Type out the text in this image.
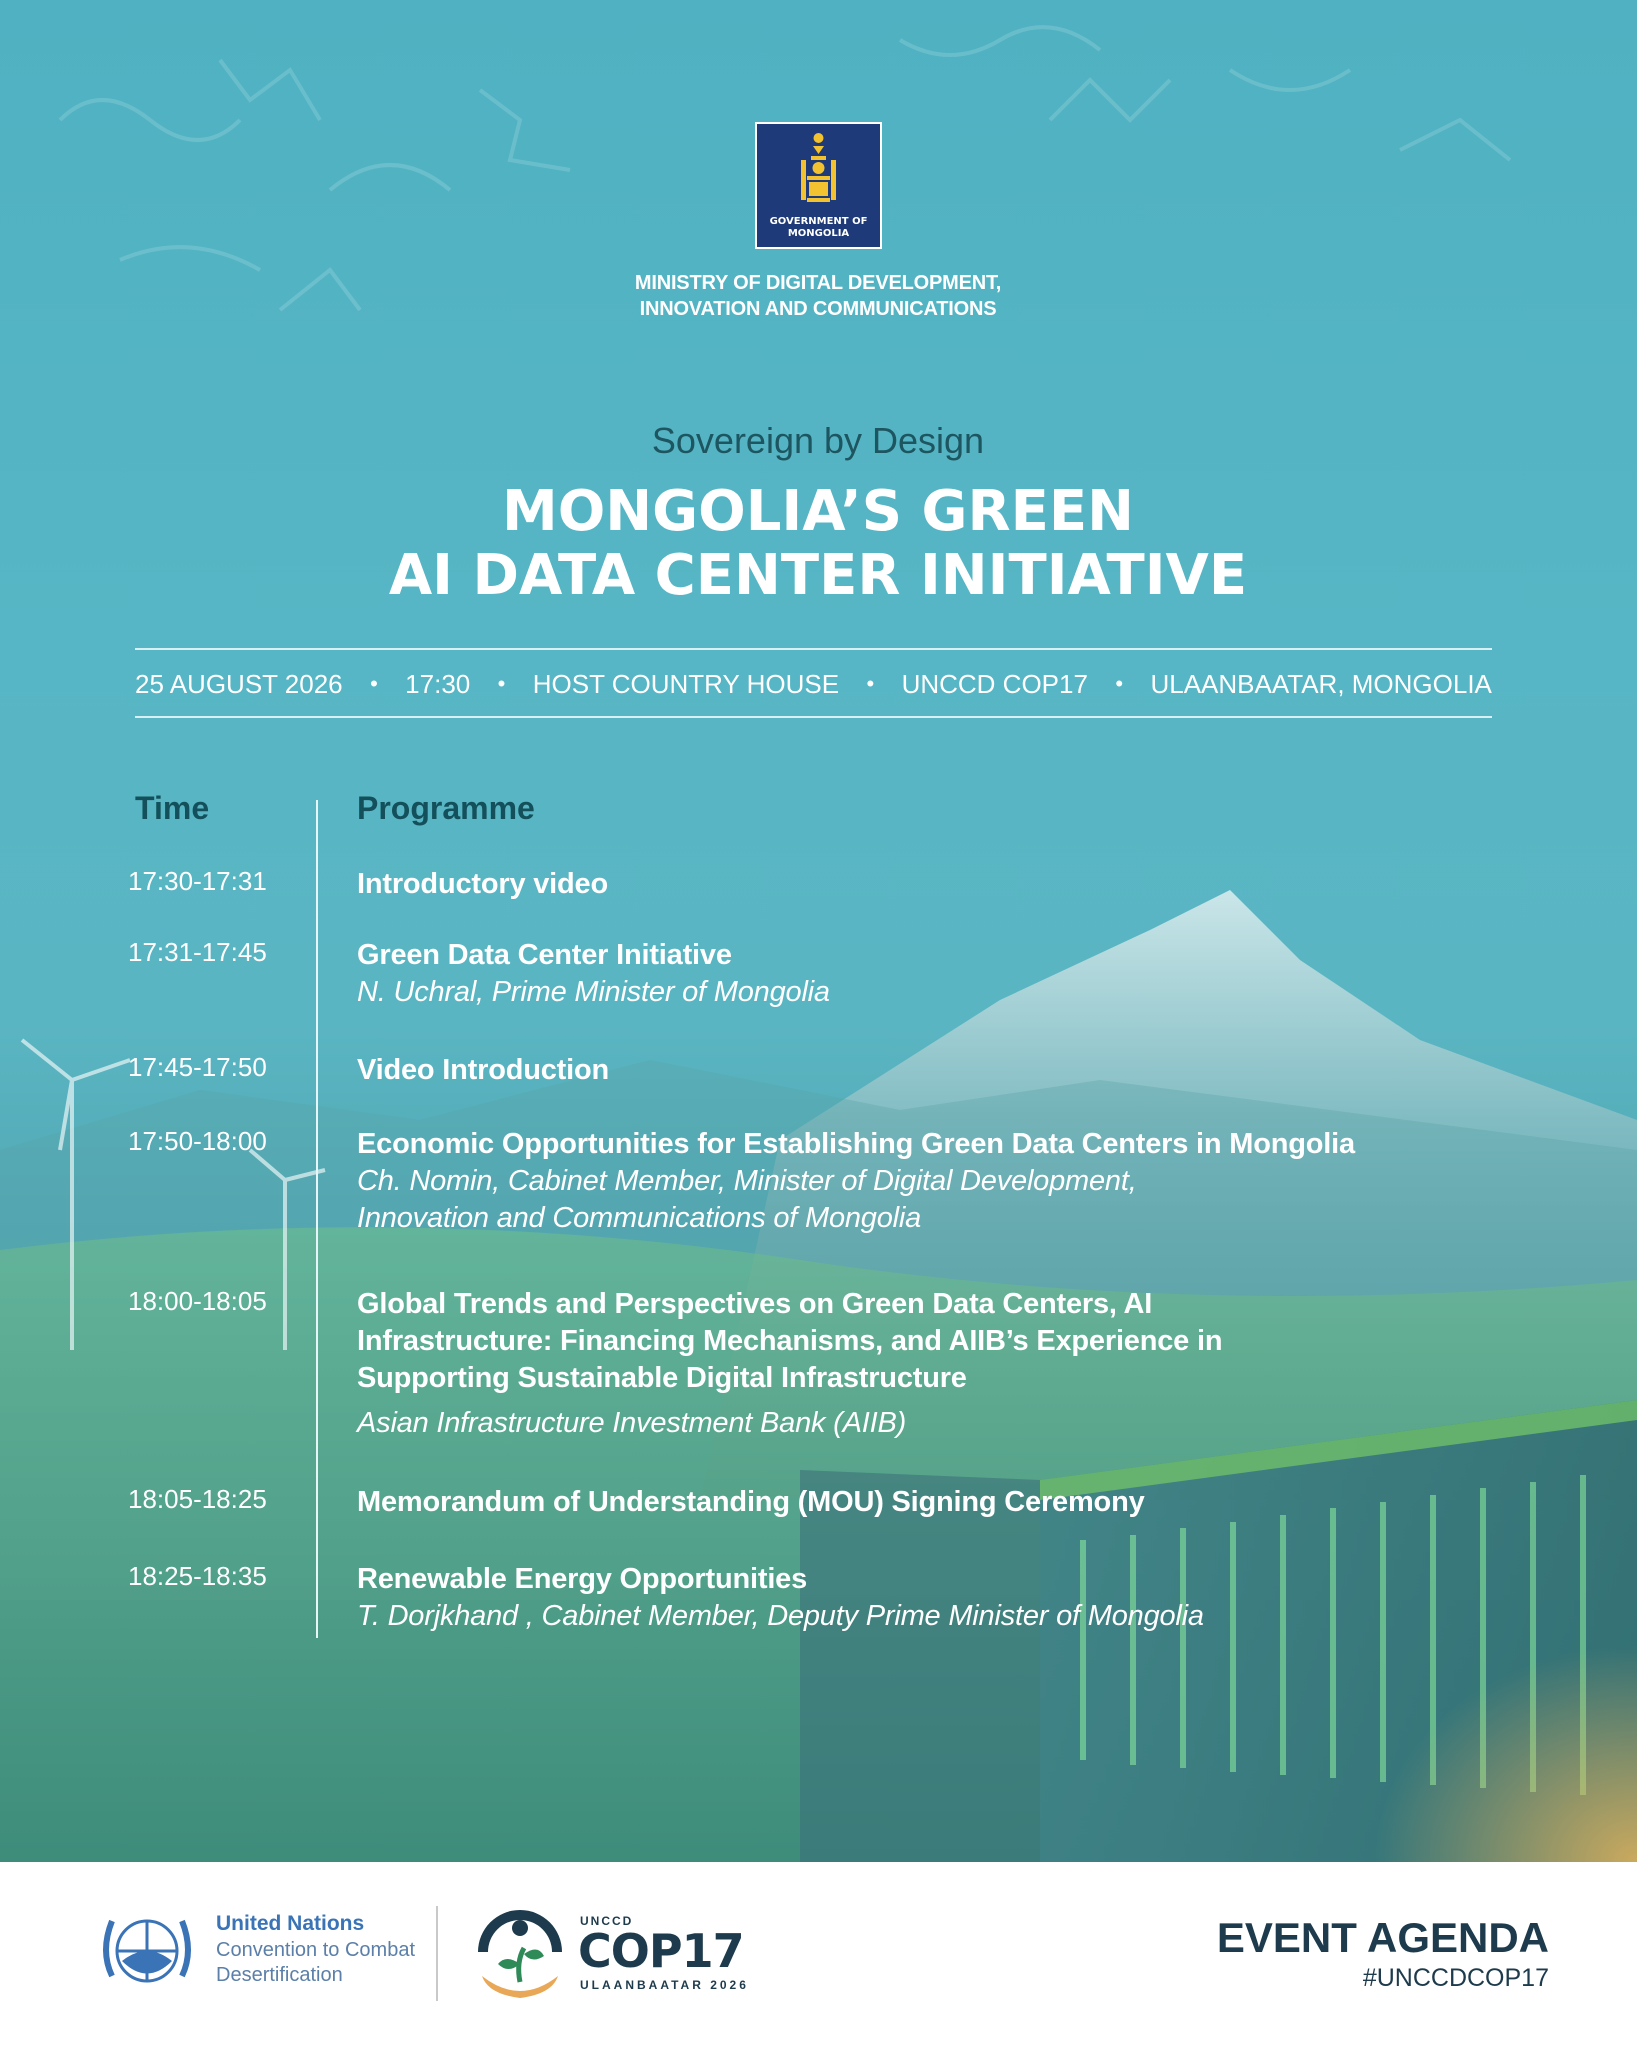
GOVERNMENT OF
MONGOLIA
MINISTRY OF DIGITAL DEVELOPMENT,
INNOVATION AND COMMUNICATIONS
Sovereign by Design
MONGOLIA’S GREEN
AI DATA CENTER INITIATIVE
25 AUGUST 2026 • 17:30 • HOST COUNTRY HOUSE • UNCCD COP17 • ULAANBAATAR, MONGOLIA
Time	Programme
17:30-17:31	Introductory video
17:31-17:45	Green Data Center Initiative
N. Uchral, Prime Minister of Mongolia
17:45-17:50	Video Introduction
17:50-18:00	Economic Opportunities for Establishing Green Data Centers in Mongolia
Ch. Nomin, Cabinet Member, Minister of Digital Development,
Innovation and Communications of Mongolia
18:00-18:05	Global Trends and Perspectives on Green Data Centers, AI
Infrastructure: Financing Mechanisms, and AIIB’s Experience in
Supporting Sustainable Digital Infrastructure
Asian Infrastructure Investment Bank (AIIB)
18:05-18:25	Memorandum of Understanding (MOU) Signing Ceremony
18:25-18:35	Renewable Energy Opportunities
T. Dorjkhand , Cabinet Member, Deputy Prime Minister of Mongolia
United Nations
Convention to Combat
Desertification
UNCCD
COP17
ULAANBAATAR 2026
EVENT AGENDA
#UNCCDCOP17
